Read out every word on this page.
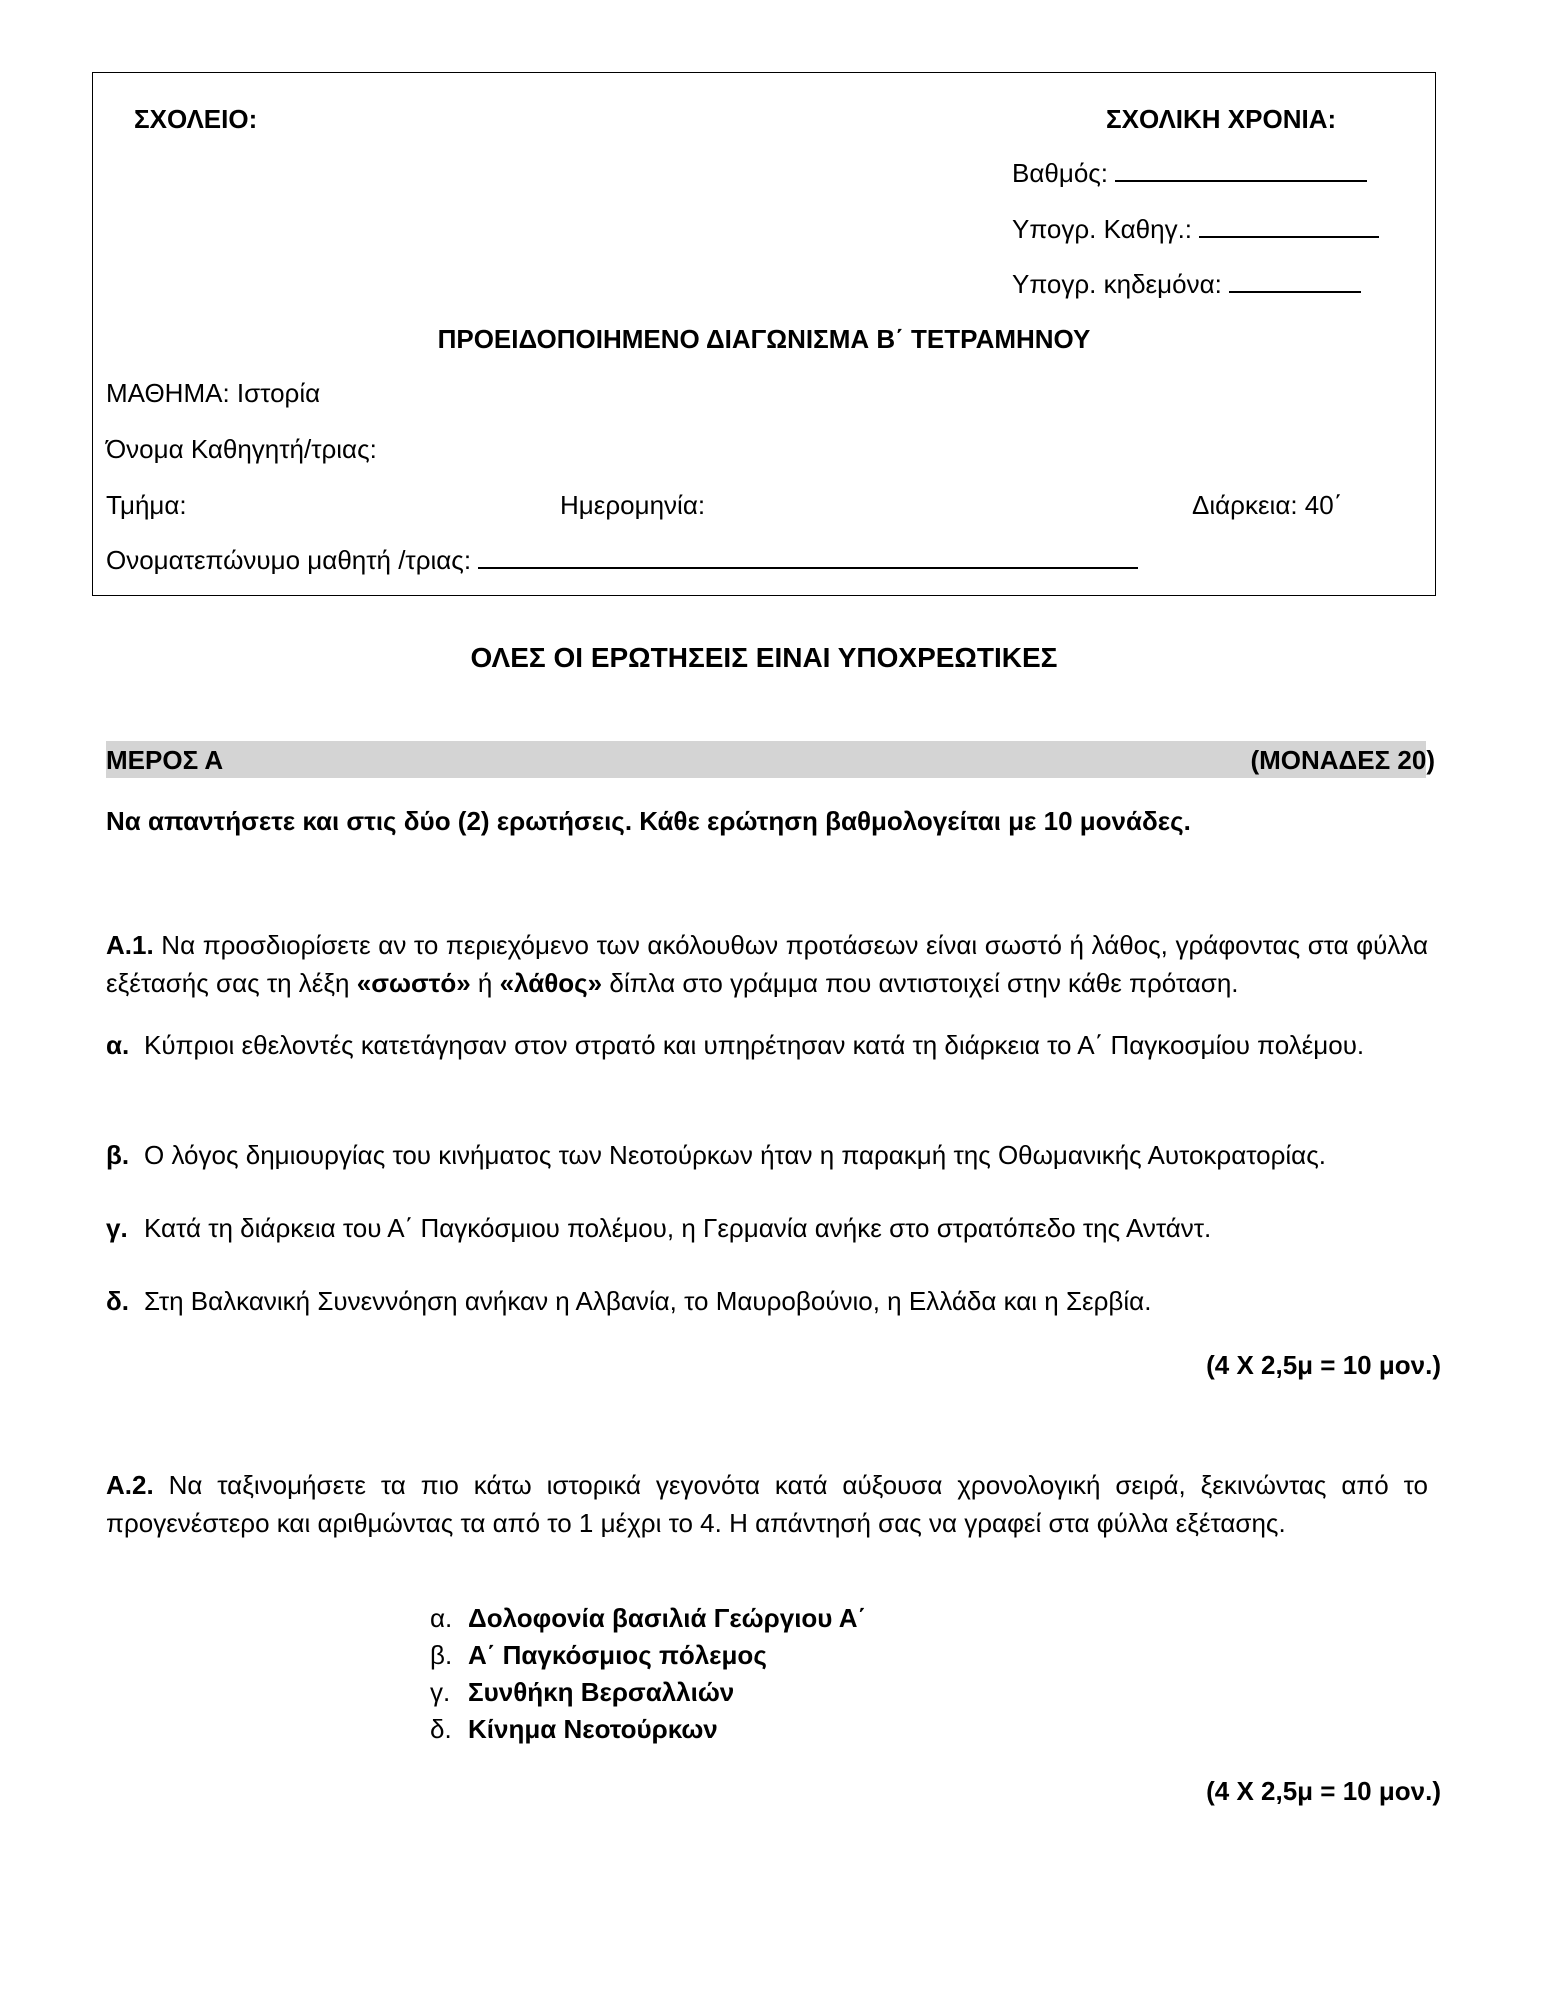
ΣΧΟΛΕΙΟ:	ΣΧΟΛΙΚΗ ΧΡΟΝΙΑ:
Βαθμός:
Υπογρ. Καθηγ.:
Υπογρ. κηδεμόνα:
ΠΡΟΕΙΔΟΠΟΙΗΜΕΝΟ ΔΙΑΓΩΝΙΣΜΑ Β΄ ΤΕΤΡΑΜΗΝΟΥ
ΜΑΘΗΜΑ: Ιστορία
Όνομα Καθηγητή/τριας:
Τμήμα:	Ημερομηνία:	Διάρκεια: 40΄
Ονοματεπώνυμο μαθητή /τριας:
ΟΛΕΣ ΟΙ ΕΡΩΤΗΣΕΙΣ ΕΙΝΑΙ ΥΠΟΧΡΕΩΤΙΚΕΣ
ΜΕΡΟΣ Α	(ΜΟΝΑΔΕΣ 20)
Να απαντήσετε και στις δύο (2) ερωτήσεις. Κάθε ερώτηση βαθμολογείται με 10 μονάδες.
Α.1. Να προσδιορίσετε αν το περιεχόμενο των ακόλουθων προτάσεων είναι σωστό ή λάθος, γράφοντας στα φύλλα εξέτασής σας τη λέξη «σωστό» ή «λάθος» δίπλα στο γράμμα που αντιστοιχεί στην κάθε πρόταση.
α. Κύπριοι εθελοντές κατετάγησαν στον στρατό και υπηρέτησαν κατά τη διάρκεια το Α΄ Παγκοσμίου πολέμου.
β. Ο λόγος δημιουργίας του κινήματος των Νεοτούρκων ήταν η παρακμή της Οθωμανικής Αυτοκρατορίας.
γ. Κατά τη διάρκεια του Α΄ Παγκόσμιου πολέμου, η Γερμανία ανήκε στο στρατόπεδο της Αντάντ.
δ. Στη Βαλκανική Συνεννόηση ανήκαν η Αλβανία, το Μαυροβούνιο, η Ελλάδα και η Σερβία.
(4 Χ 2,5μ = 10 μον.)
Α.2. Να ταξινομήσετε τα πιο κάτω ιστορικά γεγονότα κατά αύξουσα χρονολογική σειρά, ξεκινώντας από το προγενέστερο και αριθμώντας τα από το 1 μέχρι το 4. Η απάντησή σας να γραφεί στα φύλλα εξέτασης.
α. Δολοφονία βασιλιά Γεώργιου Α΄
β. Α΄ Παγκόσμιος πόλεμος
γ. Συνθήκη Βερσαλλιών
δ. Κίνημα Νεοτούρκων
(4 Χ 2,5μ = 10 μον.)
